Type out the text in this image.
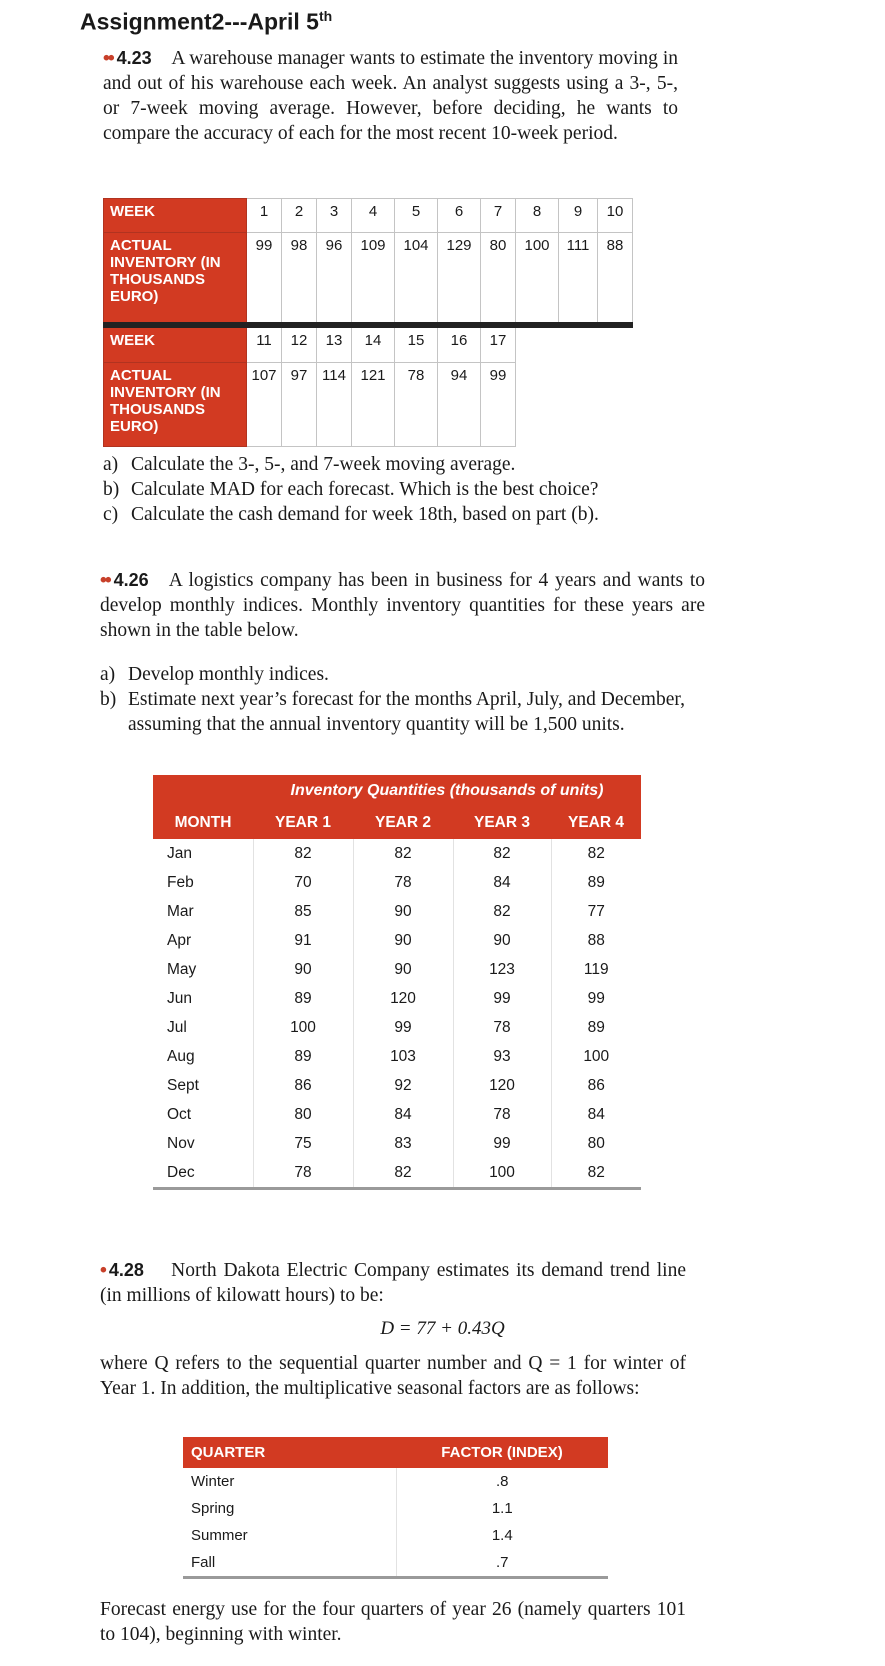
Assignment2---April 5th
•• 4.23 A warehouse manager wants to estimate the inventory moving in and out of his warehouse each week. An analyst suggests using a 3-, 5-, or 7-week moving average. However, before deciding, he wants to compare the accuracy of each for the most recent 10-week period.
WEEK	1	2	3	4	5	6	7	8	9	10
ACTUAL INVENTORY (IN THOUSANDS EURO)	99	98	96	109	104	129	80	100	111	88
WEEK	11	12	13	14	15	16	17			
ACTUAL INVENTORY (IN THOUSANDS EURO)	107	97	114	121	78	94	99			
a) Calculate the 3-, 5-, and 7-week moving average.
b) Calculate MAD for each forecast. Which is the best choice?
c) Calculate the cash demand for week 18th, based on part (b).
•• 4.26 A logistics company has been in business for 4 years and wants to develop monthly indices. Monthly inventory quantities for these years are shown in the table below.
a) Develop monthly indices.
b) Estimate next year’s forecast for the months April, July, and December, assuming that the annual inventory quantity will be 1,500 units.
	Inventory Quantities (thousands of units)			
MONTH	YEAR 1	YEAR 2	YEAR 3	YEAR 4
Jan	82	82	82	82
Feb	70	78	84	89
Mar	85	90	82	77
Apr	91	90	90	88
May	90	90	123	119
Jun	89	120	99	99
Jul	100	99	78	89
Aug	89	103	93	100
Sept	86	92	120	86
Oct	80	84	78	84
Nov	75	83	99	80
Dec	78	82	100	82
• 4.28 North Dakota Electric Company estimates its demand trend line (in millions of kilowatt hours) to be:
D = 77 + 0.43Q
where Q refers to the sequential quarter number and Q = 1 for winter of Year 1. In addition, the multiplicative seasonal factors are as follows:
QUARTER	FACTOR (INDEX)
Winter	.8
Spring	1.1
Summer	1.4
Fall	.7
Forecast energy use for the four quarters of year 26 (namely quarters 101 to 104), beginning with winter.
